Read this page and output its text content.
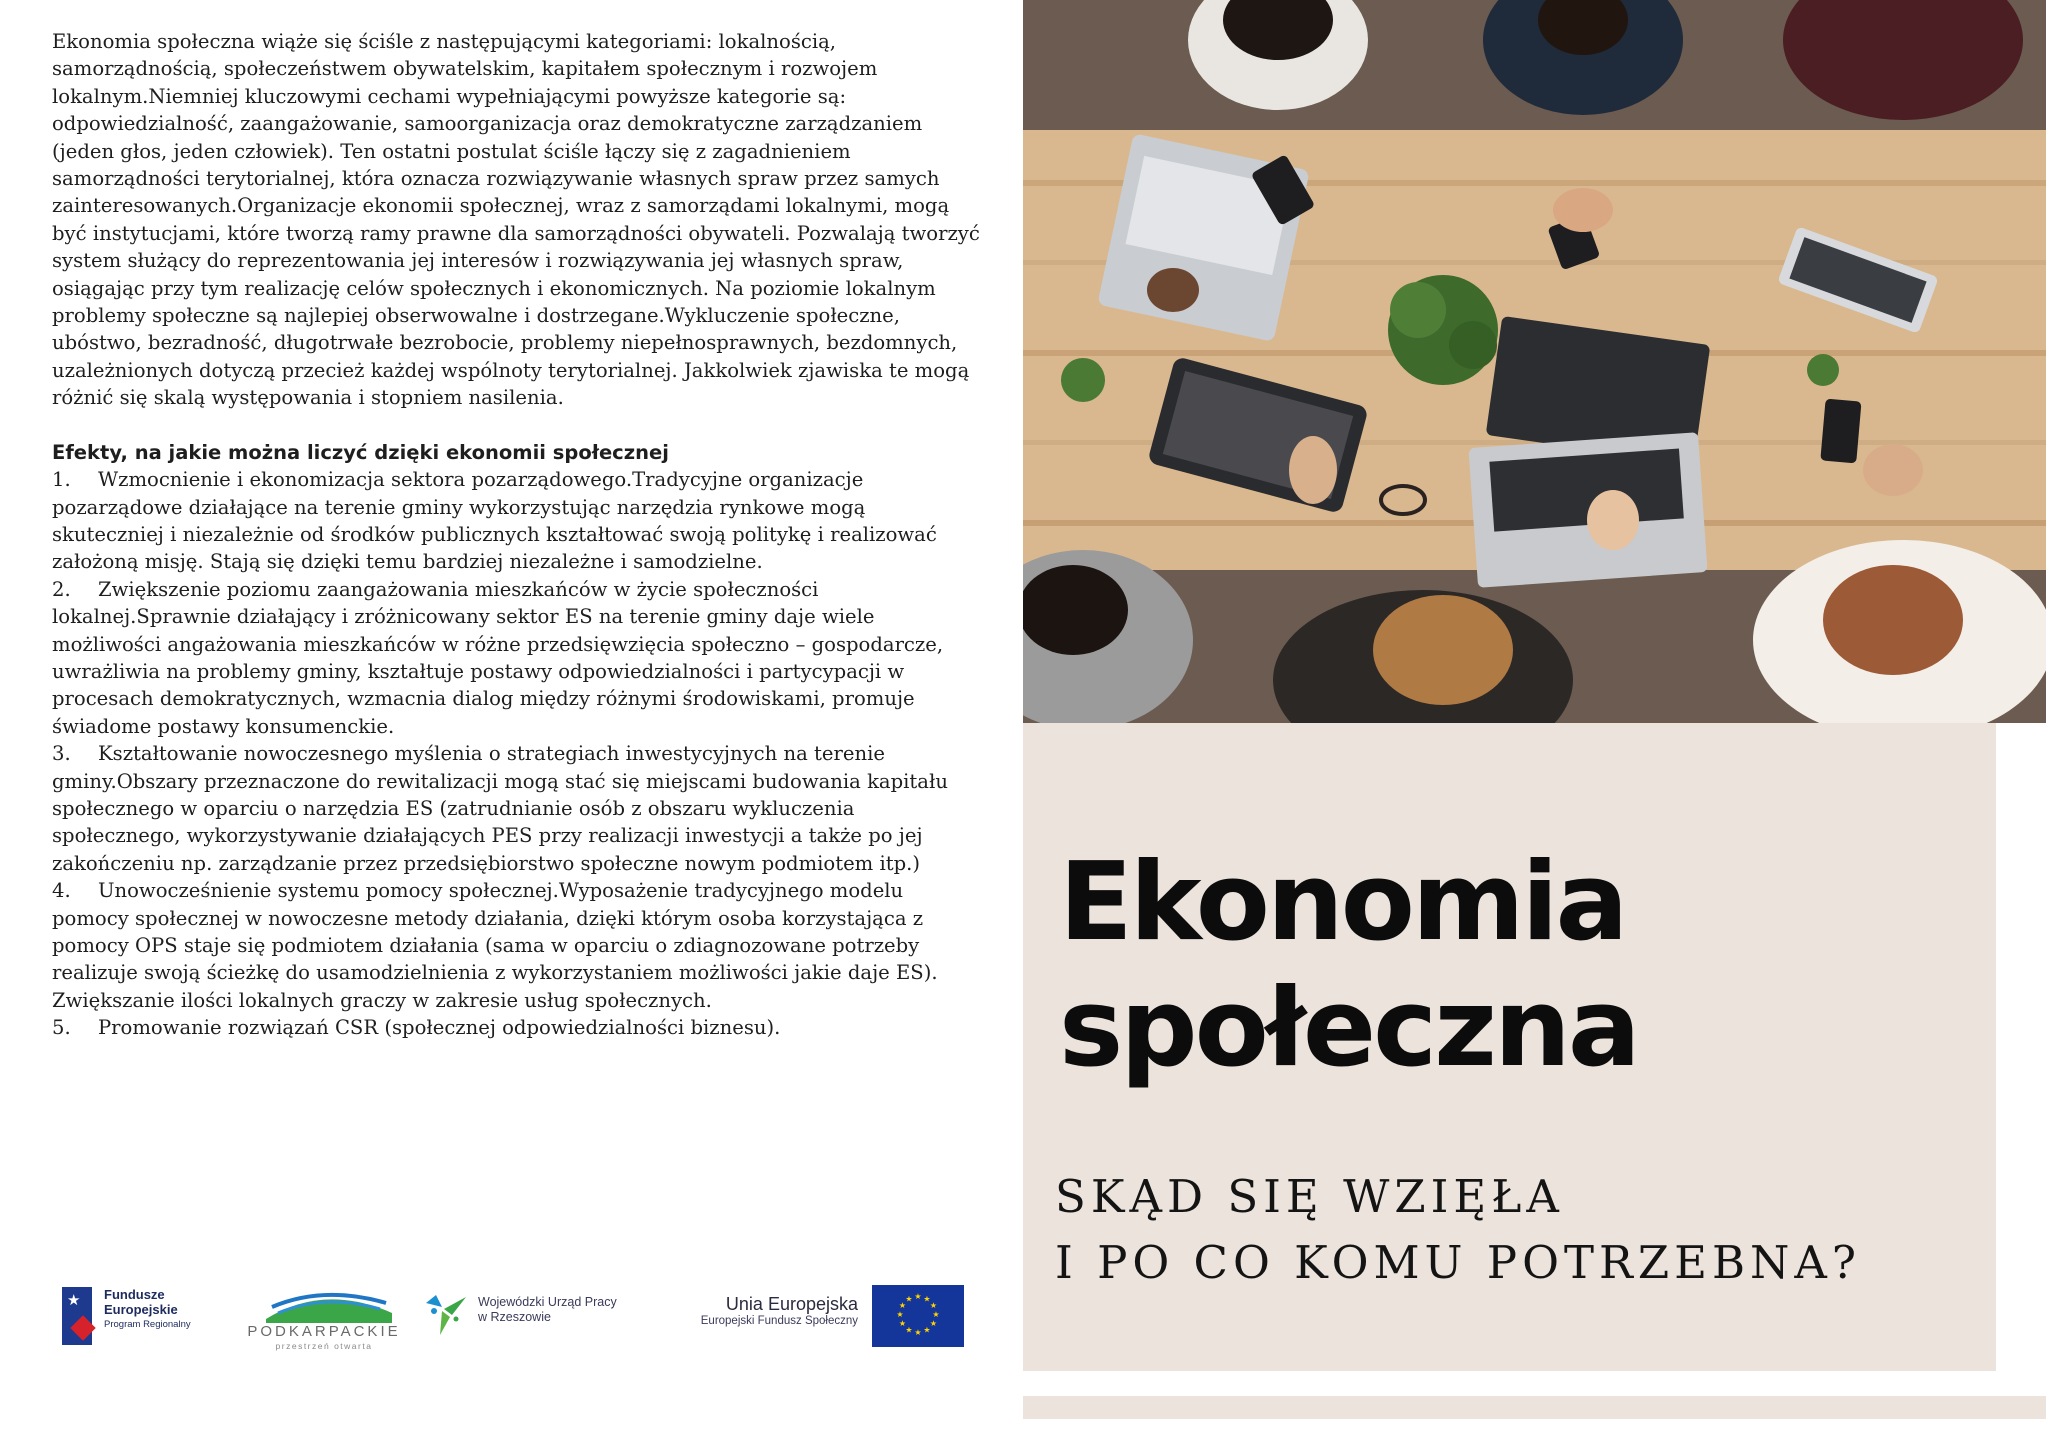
Ekonomia społeczna wiąże się ściśle z następującymi kategoriami: lokalnością, samorządnością, społeczeństwem obywatelskim, kapitałem społecznym i rozwojem lokalnym.Niemniej kluczowymi cechami wypełniającymi powyższe kategorie są: odpowiedzialność, zaangażowanie, samoorganizacja oraz demokratyczne zarządzaniem (jeden głos, jeden człowiek). Ten ostatni postulat ściśle łączy się z zagadnieniem samorządności terytorialnej, która oznacza rozwiązywanie własnych spraw przez samych zainteresowanych.Organizacje ekonomii społecznej, wraz z samorządami lokalnymi, mogą być instytucjami, które tworzą ramy prawne dla samorządności obywateli. Pozwalają tworzyć system służący do reprezentowania jej interesów i rozwiązywania jej własnych spraw, osiągając przy tym realizację celów społecznych i ekonomicznych. Na poziomie lokalnym problemy społeczne są najlepiej obserwowalne i dostrzegane.Wykluczenie społeczne, ubóstwo, bezradność, długotrwałe bezrobocie, problemy niepełnosprawnych, bezdomnych, uzależnionych dotyczą przecież każdej wspólnoty terytorialnej. Jakkolwiek zjawiska te mogą różnić się skalą występowania i stopniem nasilenia.

Efekty, na jakie można liczyć dzięki ekonomii społecznej
1. Wzmocnienie i ekonomizacja sektora pozarządowego.Tradycyjne organizacje pozarządowe działające na terenie gminy wykorzystując narzędzia rynkowe mogą skuteczniej i niezależnie od środków publicznych kształtować swoją politykę i realizować założoną misję. Stają się dzięki temu bardziej niezależne i samodzielne.
2. Zwiększenie poziomu zaangażowania mieszkańców w życie społeczności lokalnej.Sprawnie działający i zróżnicowany sektor ES na terenie gminy daje wiele możliwości angażowania mieszkańców w różne przedsięwzięcia społeczno – gospodarcze, uwrażliwia na problemy gminy, kształtuje postawy odpowiedzialności i partycypacji w procesach demokratycznych, wzmacnia dialog między różnymi środowiskami, promuje świadome postawy konsumenckie.
3. Kształtowanie nowoczesnego myślenia o strategiach inwestycyjnych na terenie gminy.Obszary przeznaczone do rewitalizacji mogą stać się miejscami budowania kapitału społecznego w oparciu o narzędzia ES (zatrudnianie osób z obszaru wykluczenia społecznego, wykorzystywanie działających PES przy realizacji inwestycji a także po jej zakończeniu np. zarządzanie przez przedsiębiorstwo społeczne nowym podmiotem itp.)
4. Unowocześnienie systemu pomocy społecznej.Wyposażenie tradycyjnego modelu pomocy społecznej w nowoczesne metody działania, dzięki którym osoba korzystająca z pomocy OPS staje się podmiotem działania (sama w oparciu o zdiagnozowane potrzeby realizuje swoją ścieżkę do usamodzielnienia z wykorzystaniem możliwości jakie daje ES). Zwiększanie ilości lokalnych graczy w zakresie usług społecznych.
5. Promowanie rozwiązań CSR (społecznej odpowiedzialności biznesu).
★ Fundusze
Europejskie
Program Regionalny	PODKARPACKIE
przestrzeń otwarta
Wojewódzki Urząd Pracy
w Rzeszowie
Unia Europejska
Europejski Fundusz Społeczny
★ ★
★
★
★
★
★
★
★
★
★
★
Ekonomia
społeczna
SKĄD SIĘ WZIĘŁA
I PO CO KOMU POTRZEBNA?
